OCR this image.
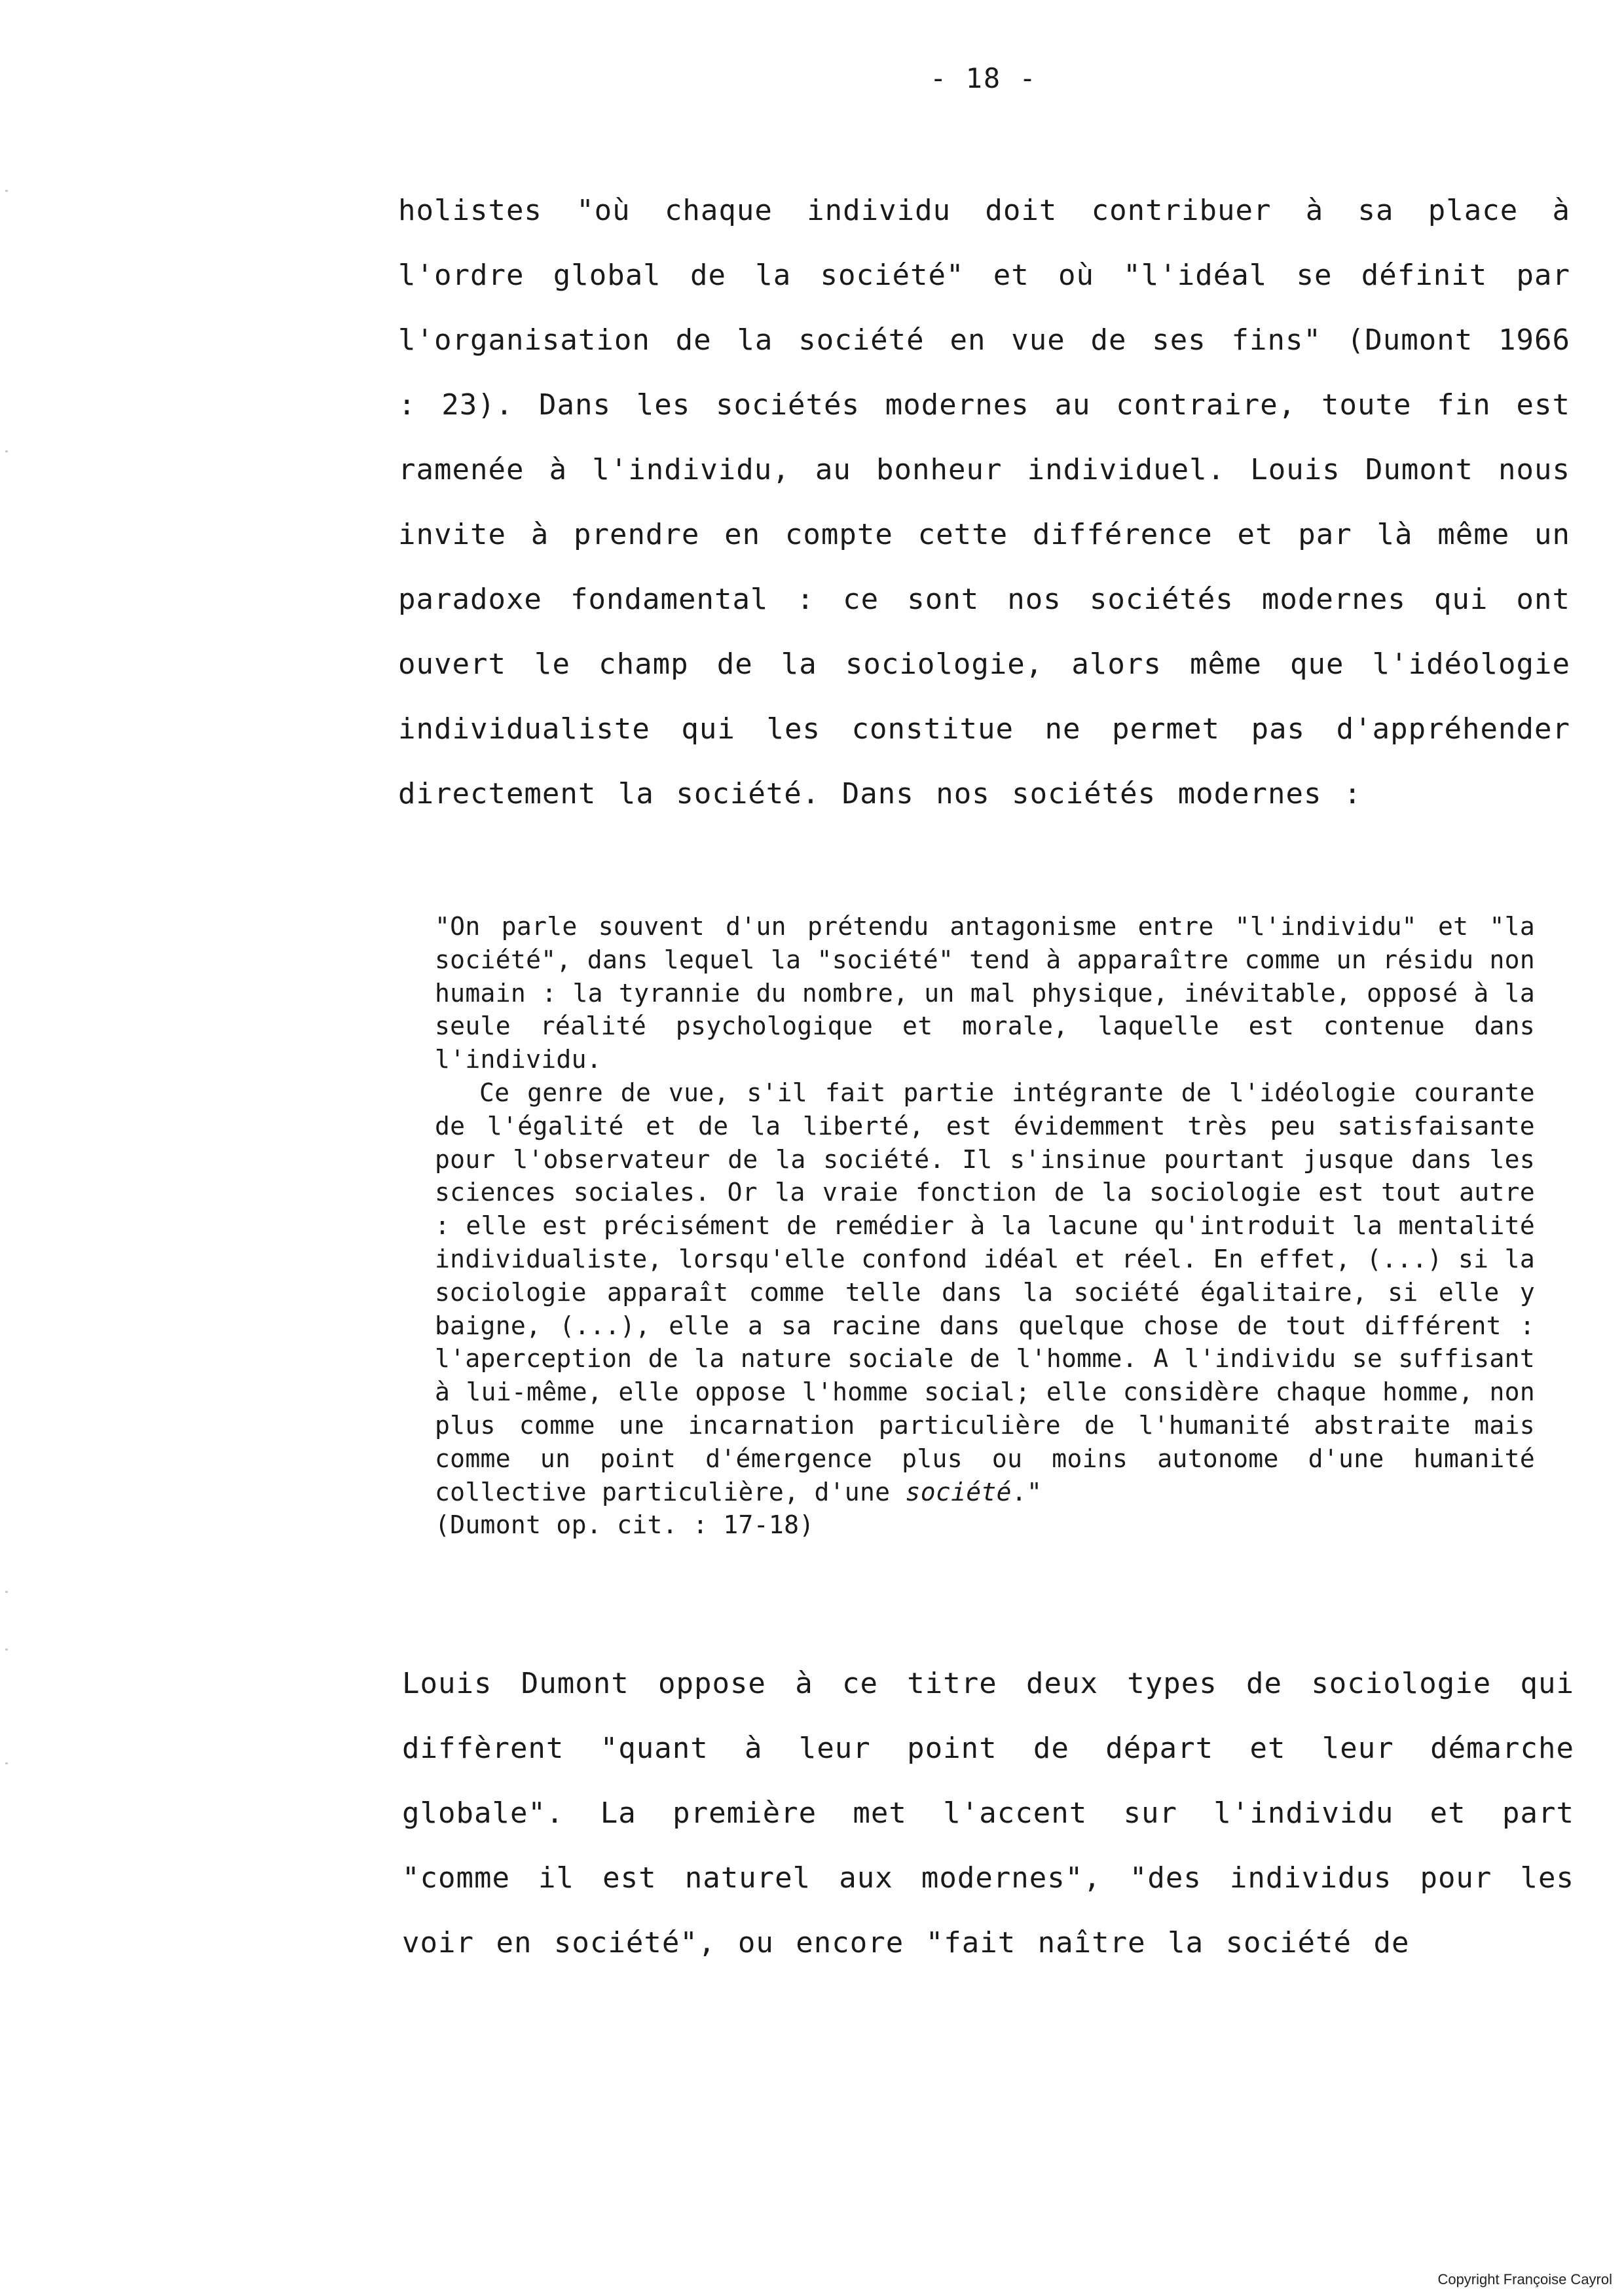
- 18 -
holistes "où chaque individu doit contribuer à sa place à l'ordre global de la société" et où "l'idéal se définit par l'organisation de la société en vue de ses fins" (Dumont 1966 : 23). Dans les sociétés modernes au contraire, toute fin est ramenée à l'individu, au bonheur individuel. Louis Dumont nous invite à prendre en compte cette différence et par là même un paradoxe fondamental : ce sont nos sociétés modernes qui ont ouvert le champ de la sociologie, alors même que l'idéologie individualiste qui les constitue ne permet pas d'appréhender directement la société. Dans nos sociétés modernes :

"On parle souvent d'un prétendu antagonisme entre "l'individu" et "la société", dans lequel la "société" tend à apparaître comme un résidu non humain : la tyrannie du nombre, un mal physique, inévitable, opposé à la seule réalité psychologique et morale, laquelle est contenue dans l'individu.

Ce genre de vue, s'il fait partie intégrante de l'idéologie courante de l'égalité et de la liberté, est évidemment très peu satisfaisante pour l'observateur de la société. Il s'insinue pourtant jusque dans les sciences sociales. Or la vraie fonction de la sociologie est tout autre : elle est précisément de remédier à la lacune qu'introduit la mentalité individualiste, lorsqu'elle confond idéal et réel. En effet, (...) si la sociologie apparaît comme telle dans la société égalitaire, si elle y baigne, (...), elle a sa racine dans quelque chose de tout différent : l'aperception de la nature sociale de l'homme. A l'individu se suffisant à lui-même, elle oppose l'homme social; elle considère chaque homme, non plus comme une incarnation particulière de l'humanité abstraite mais comme un point d'émergence plus ou moins autonome d'une humanité collective particulière, d'une société."

(Dumont op. cit. : 17-18)

Louis Dumont oppose à ce titre deux types de sociologie qui diffèrent "quant à leur point de départ et leur démarche globale". La première met l'accent sur l'individu et part "comme il est naturel aux modernes", "des individus pour les voir en société", ou encore "fait naître la société de
Copyright Françoise Cayrol
